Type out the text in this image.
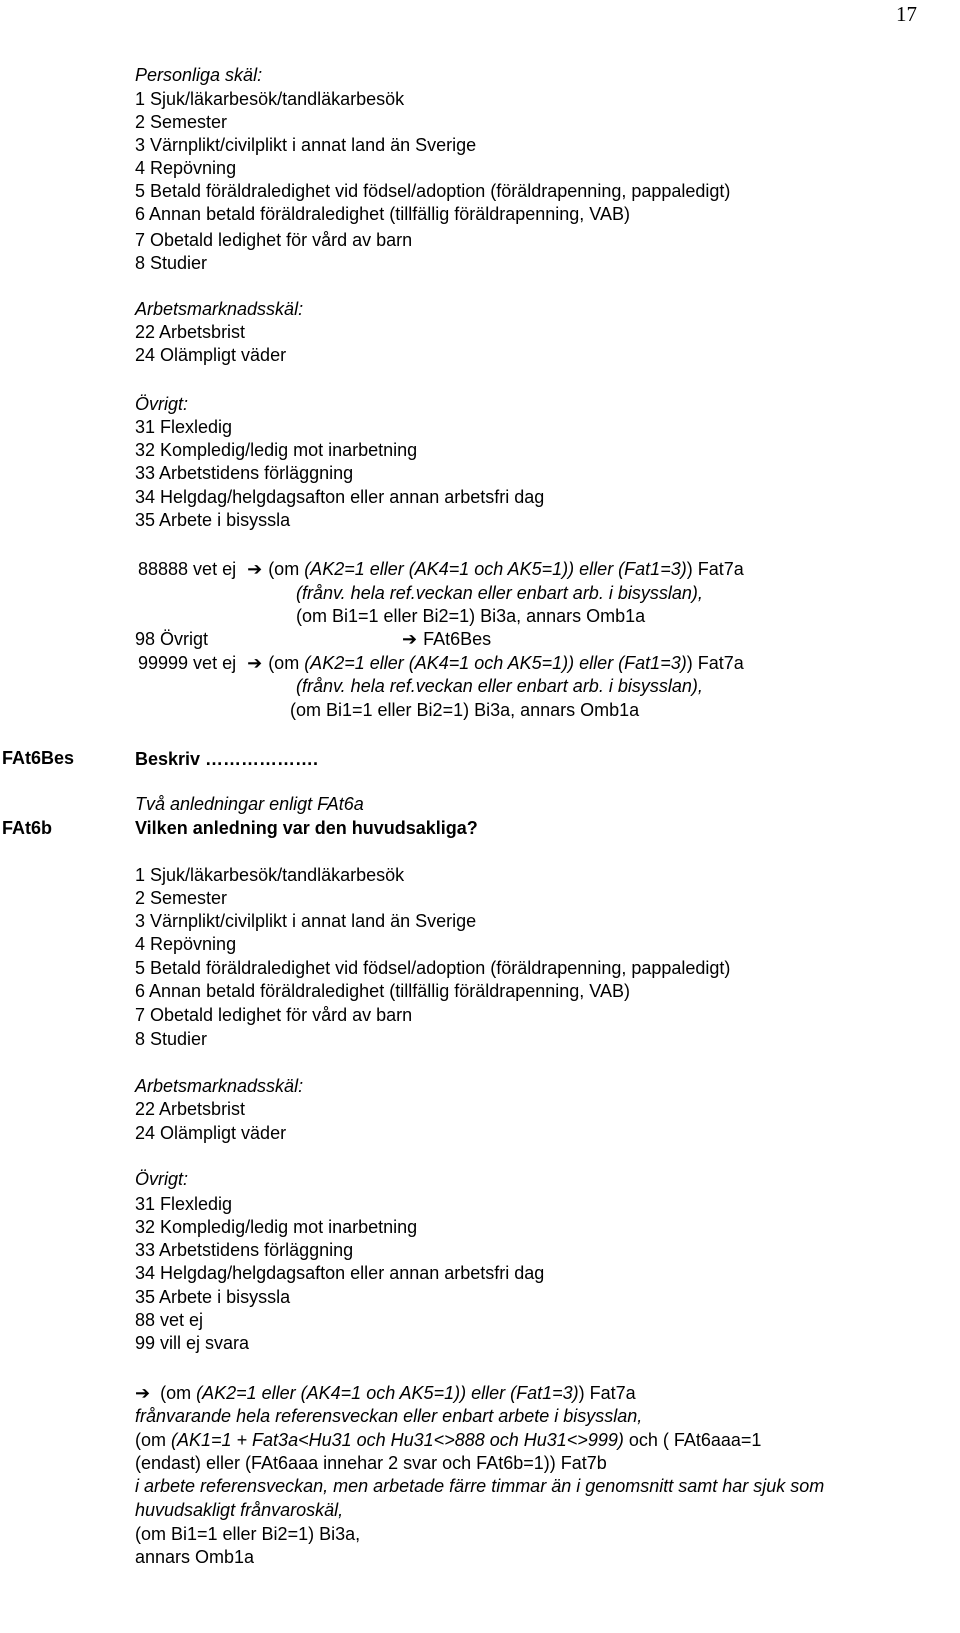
17
Personliga skäl:
1 Sjuk/läkarbesök/tandläkarbesök
2 Semester
3 Värnplikt/civilplikt i annat land än Sverige
4 Repövning
5 Betald föräldraledighet vid födsel/adoption (föräldrapenning, pappaledigt)
6 Annan betald föräldraledighet (tillfällig föräldrapenning, VAB)
7 Obetald ledighet för vård av barn
8 Studier
Arbetsmarknadsskäl:
22 Arbetsbrist
24 Olämpligt väder
Övrigt:
31 Flexledig
32 Kompledig/ledig mot inarbetning
33 Arbetstidens förläggning
34 Helgdag/helgdagsafton eller annan arbetsfri dag
35 Arbete i bisyssla
88888 vet ej ➔ (om (AK2=1 eller (AK4=1 och AK5=1)) eller (Fat1=3)) Fat7a
(frånv. hela ref.veckan eller enbart arb. i bisysslan),
(om Bi1=1 eller Bi2=1) Bi3a, annars Omb1a
98 Övrigt	➔ FAt6Bes
99999 vet ej ➔ (om (AK2=1 eller (AK4=1 och AK5=1)) eller (Fat1=3)) Fat7a
(frånv. hela ref.veckan eller enbart arb. i bisysslan),
(om Bi1=1 eller Bi2=1) Bi3a, annars Omb1a
FAt6Bes	Beskriv ……………….
Två anledningar enligt FAt6a
FAt6b	Vilken anledning var den huvudsakliga?
1 Sjuk/läkarbesök/tandläkarbesök
2 Semester
3 Värnplikt/civilplikt i annat land än Sverige
4 Repövning
5 Betald föräldraledighet vid födsel/adoption (föräldrapenning, pappaledigt)
6 Annan betald föräldraledighet (tillfällig föräldrapenning, VAB)
7 Obetald ledighet för vård av barn
8 Studier
Arbetsmarknadsskäl:
22 Arbetsbrist
24 Olämpligt väder
Övrigt:
31 Flexledig
32 Kompledig/ledig mot inarbetning
33 Arbetstidens förläggning
34 Helgdag/helgdagsafton eller annan arbetsfri dag
35 Arbete i bisyssla
88 vet ej
99 vill ej svara
➔ (om (AK2=1 eller (AK4=1 och AK5=1)) eller (Fat1=3)) Fat7a
frånvarande hela referensveckan eller enbart arbete i bisysslan,
(om (AK1=1 + Fat3a<Hu31 och Hu31<>888 och Hu31<>999) och ( FAt6aaa=1
(endast) eller (FAt6aaa innehar 2 svar och FAt6b=1)) Fat7b
i arbete referensveckan, men arbetade färre timmar än i genomsnitt samt har sjuk som
huvudsakligt frånvaroskäl,
(om Bi1=1 eller Bi2=1) Bi3a,
annars Omb1a
